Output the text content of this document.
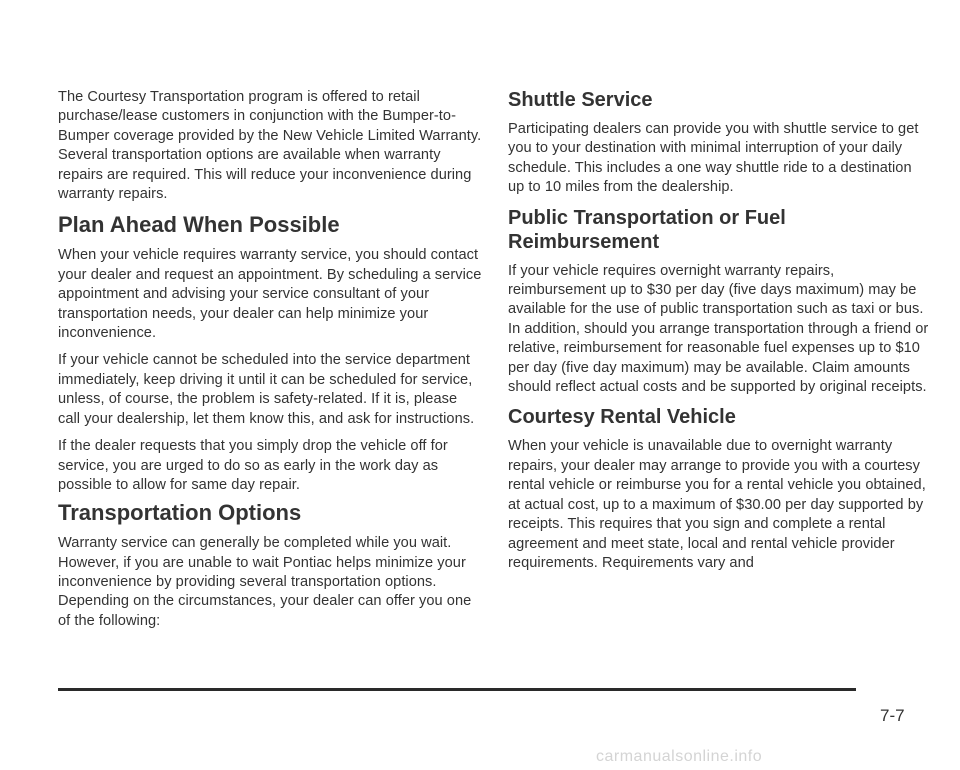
The Courtesy Transportation program is offered to retail purchase/lease customers in conjunction with the Bumper-to-Bumper coverage provided by the New Vehicle Limited Warranty. Several transportation options are available when warranty repairs are required. This will reduce your inconvenience during warranty repairs.

Plan Ahead When Possible

When your vehicle requires warranty service, you should contact your dealer and request an appointment. By scheduling a service appointment and advising your service consultant of your transportation needs, your dealer can help minimize your inconvenience.

If your vehicle cannot be scheduled into the service department immediately, keep driving it until it can be scheduled for service, unless, of course, the problem is safety-related. If it is, please call your dealership, let them know this, and ask for instructions.

If the dealer requests that you simply drop the vehicle off for service, you are urged to do so as early in the work day as possible to allow for same day repair.

Transportation Options

Warranty service can generally be completed while you wait. However, if you are unable to wait Pontiac helps minimize your inconvenience by providing several transportation options. Depending on the circumstances, your dealer can offer you one of the following:

Shuttle Service

Participating dealers can provide you with shuttle service to get you to your destination with minimal interruption of your daily schedule. This includes a one way shuttle ride to a destination up to 10 miles from the dealership.

Public Transportation or Fuel Reimbursement

If your vehicle requires overnight warranty repairs, reimbursement up to $30 per day (five days maximum) may be available for the use of public transportation such as taxi or bus. In addition, should you arrange transportation through a friend or relative, reimbursement for reasonable fuel expenses up to $10 per day (five day maximum) may be available. Claim amounts should reflect actual costs and be supported by original receipts.

Courtesy Rental Vehicle

When your vehicle is unavailable due to overnight warranty repairs, your dealer may arrange to provide you with a courtesy rental vehicle or reimburse you for a rental vehicle you obtained, at actual cost, up to a maximum of $30.00 per day supported by receipts. This requires that you sign and complete a rental agreement and meet state, local and rental vehicle provider requirements. Requirements vary and

7-7
carmanualsonline.info
